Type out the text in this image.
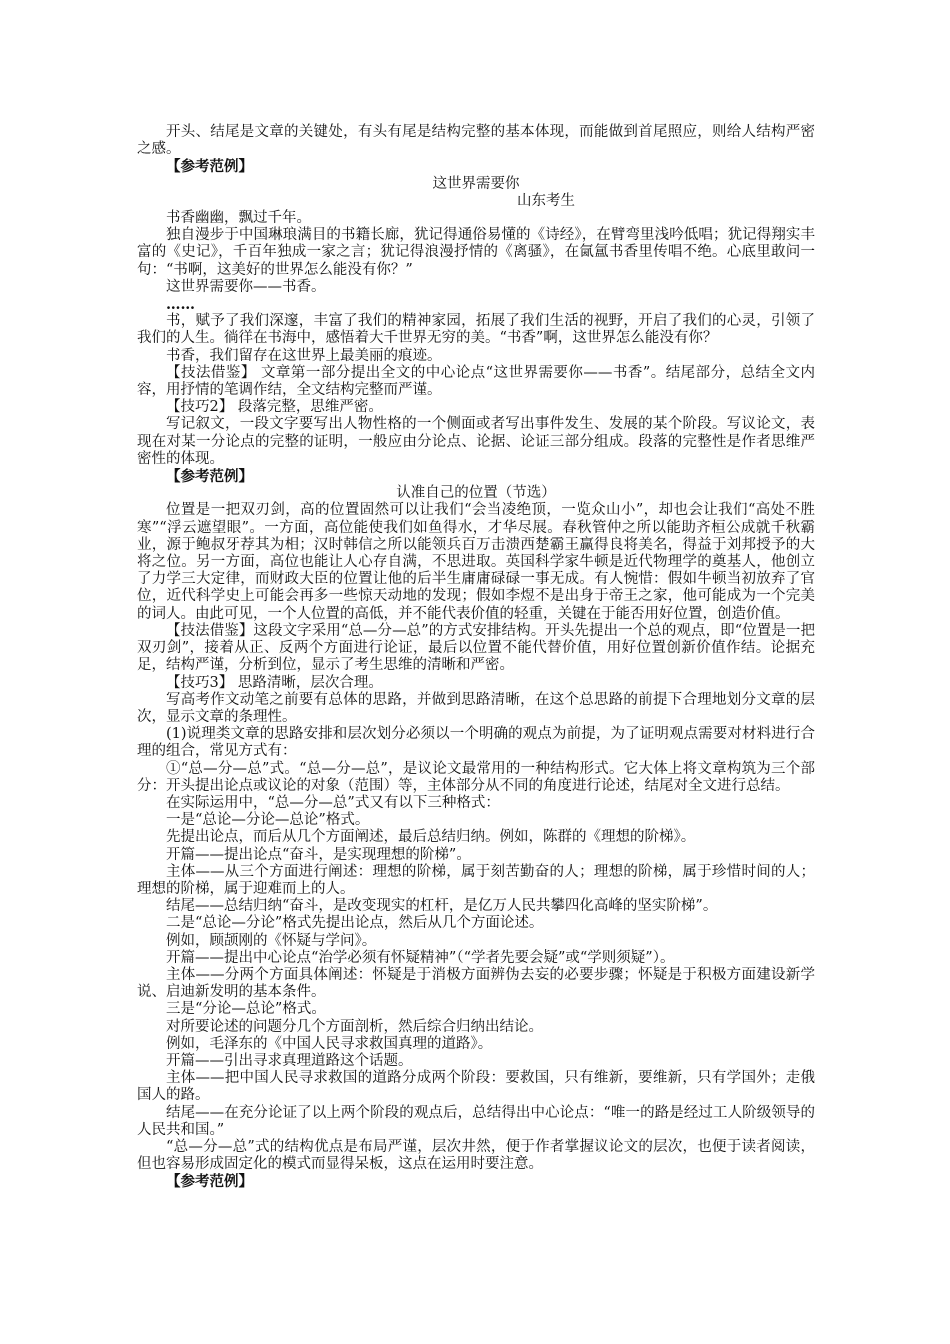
开头、结尾是文章的关键处，有头有尾是结构完整的基本体现，而能做到首尾照应，则给人结构严密之感。

【参考范例】

这世界需要你

山东考生

书香幽幽，飘过千年。

独自漫步于中国琳琅满目的书籍长廊，犹记得通俗易懂的《诗经》，在臂弯里浅吟低唱；犹记得翔实丰富的《史记》，千百年独成一家之言；犹记得浪漫抒情的《离骚》，在氤氲书香里传唱不绝。心底里敢问一句：“书啊，这美好的世界怎么能没有你？”

这世界需要你——书香。

……

书，赋予了我们深邃，丰富了我们的精神家园，拓展了我们生活的视野，开启了我们的心灵，引领了我们的人生。徜徉在书海中，感悟着大千世界无穷的美。“书香”啊，这世界怎么能没有你？

书香，我们留存在这世界上最美丽的痕迹。

【技法借鉴】 文章第一部分提出全文的中心论点“这世界需要你——书香”。结尾部分，总结全文内容，用抒情的笔调作结，全文结构完整而严谨。

【技巧2】 段落完整，思维严密。

写记叙文，一段文字要写出人物性格的一个侧面或者写出事件发生、发展的某个阶段。写议论文，表现在对某一分论点的完整的证明，一般应由分论点、论据、论证三部分组成。段落的完整性是作者思维严密性的体现。

【参考范例】

认准自己的位置（节选）

位置是一把双刃剑，高的位置固然可以让我们“会当凌绝顶，一览众山小”，却也会让我们“高处不胜寒”“浮云遮望眼”。一方面，高位能使我们如鱼得水，才华尽展。春秋管仲之所以能助齐桓公成就千秋霸业，源于鲍叔牙荐其为相；汉时韩信之所以能领兵百万击溃西楚霸王赢得良将美名，得益于刘邦授予的大将之位。另一方面，高位也能让人心存自满，不思进取。英国科学家牛顿是近代物理学的奠基人，他创立了力学三大定律，而财政大臣的位置让他的后半生庸庸碌碌一事无成。有人惋惜：假如牛顿当初放弃了官位，近代科学史上可能会再多一些惊天动地的发现；假如李煜不是出身于帝王之家，他可能成为一个完美的词人。由此可见，一个人位置的高低，并不能代表价值的轻重，关键在于能否用好位置，创造价值。

【技法借鉴】这段文字采用“总—分—总”的方式安排结构。开头先提出一个总的观点，即“位置是一把双刃剑”，接着从正、反两个方面进行论证，最后以位置不能代替价值，用好位置创新价值作结。论据充足，结构严谨，分析到位，显示了考生思维的清晰和严密。

【技巧3】 思路清晰，层次合理。

写高考作文动笔之前要有总体的思路，并做到思路清晰，在这个总思路的前提下合理地划分文章的层次，显示文章的条理性。

(1)说理类文章的思路安排和层次划分必须以一个明确的观点为前提，为了证明观点需要对材料进行合理的组合，常见方式有：

①“总—分—总”式。“总—分—总”，是议论文最常用的一种结构形式。它大体上将文章构筑为三个部分：开头提出论点或议论的对象（范围）等，主体部分从不同的角度进行论述，结尾对全文进行总结。

在实际运用中，“总—分—总”式又有以下三种格式：

一是“总论—分论—总论”格式。

先提出论点，而后从几个方面阐述，最后总结归纳。例如，陈群的《理想的阶梯》。

开篇——提出论点“奋斗，是实现理想的阶梯”。

主体——从三个方面进行阐述：理想的阶梯，属于刻苦勤奋的人；理想的阶梯，属于珍惜时间的人；理想的阶梯，属于迎难而上的人。

结尾——总结归纳“奋斗，是改变现实的杠杆，是亿万人民共攀四化高峰的坚实阶梯”。

二是“总论—分论”格式先提出论点，然后从几个方面论述。

例如，顾颉刚的《怀疑与学问》。

开篇——提出中心论点“治学必须有怀疑精神”（“学者先要会疑”或“学则须疑”）。

主体——分两个方面具体阐述：怀疑是于消极方面辨伪去妄的必要步骤；怀疑是于积极方面建设新学说、启迪新发明的基本条件。

三是“分论—总论”格式。

对所要论述的问题分几个方面剖析，然后综合归纳出结论。

例如，毛泽东的《中国人民寻求救国真理的道路》。

开篇——引出寻求真理道路这个话题。

主体——把中国人民寻求救国的道路分成两个阶段：要救国，只有维新，要维新，只有学国外；走俄国人的路。

结尾——在充分论证了以上两个阶段的观点后，总结得出中心论点：“唯一的路是经过工人阶级领导的人民共和国。”

“总—分—总”式的结构优点是布局严谨，层次井然，便于作者掌握议论文的层次，也便于读者阅读，但也容易形成固定化的模式而显得呆板，这点在运用时要注意。

【参考范例】
